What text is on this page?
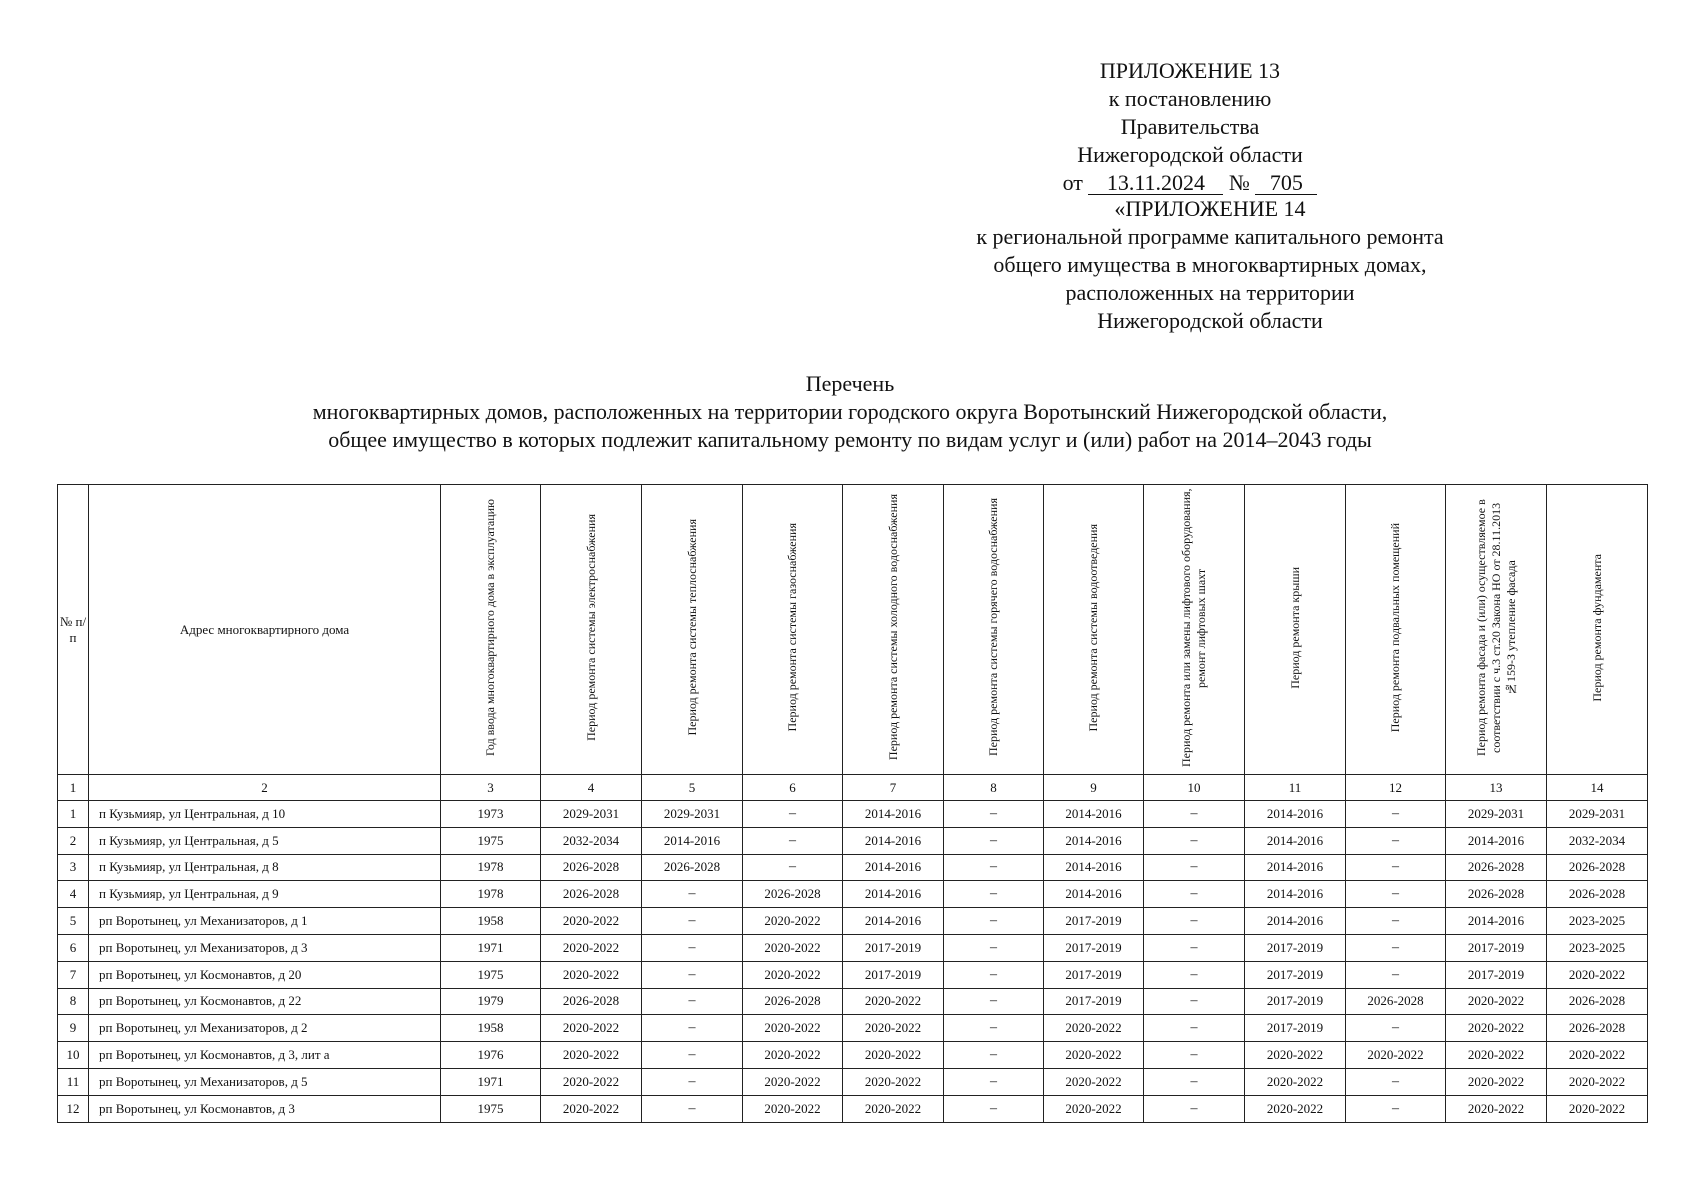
ПРИЛОЖЕНИЕ 13
к постановлению Правительства
Нижегородской области
от 13.11.2024 № 705
«ПРИЛОЖЕНИЕ 14
к региональной программе капитального ремонта
общего имущества в многоквартирных домах,
расположенных на территории
Нижегородской области
Перечень
многоквартирных домов, расположенных на территории городского округа Воротынский Нижегородской области,
общее имущество в которых подлежит капитальному ремонту по видам услуг и (или) работ на 2014–2043 годы
№ п/п	Адрес многоквартирного дома	Год ввода многоквартирного дома в эксплуатацию	Период ремонта системы электроснабжения	Период ремонта системы теплоснабжения	Период ремонта системы газоснабжения	Период ремонта системы холодного водоснабжения	Период ремонта системы горячего водоснабжения	Период ремонта системы водоотведения	Период ремонта или замены лифтового оборудования, ремонт лифтовых шахт	Период ремонта крыши	Период ремонта подвальных помещений	Период ремонта фасада и (или) осуществляемое в соответствии с ч.3 ст.20 Закона НО от 28.11.2013 №159-З утепление фасада	Период ремонта фундамента
1	2	3	4	5	6	7	8	9	10	11	12	13	14
1	п Кузьмияр, ул Центральная, д 10	1973	2029-2031	2029-2031	–	2014-2016	–	2014-2016	–	2014-2016	–	2029-2031	2029-2031
2	п Кузьмияр, ул Центральная, д 5	1975	2032-2034	2014-2016	–	2014-2016	–	2014-2016	–	2014-2016	–	2014-2016	2032-2034
3	п Кузьмияр, ул Центральная, д 8	1978	2026-2028	2026-2028	–	2014-2016	–	2014-2016	–	2014-2016	–	2026-2028	2026-2028
4	п Кузьмияр, ул Центральная, д 9	1978	2026-2028	–	2026-2028	2014-2016	–	2014-2016	–	2014-2016	–	2026-2028	2026-2028
5	рп Воротынец, ул Механизаторов, д 1	1958	2020-2022	–	2020-2022	2014-2016	–	2017-2019	–	2014-2016	–	2014-2016	2023-2025
6	рп Воротынец, ул Механизаторов, д 3	1971	2020-2022	–	2020-2022	2017-2019	–	2017-2019	–	2017-2019	–	2017-2019	2023-2025
7	рп Воротынец, ул Космонавтов, д 20	1975	2020-2022	–	2020-2022	2017-2019	–	2017-2019	–	2017-2019	–	2017-2019	2020-2022
8	рп Воротынец, ул Космонавтов, д 22	1979	2026-2028	–	2026-2028	2020-2022	–	2017-2019	–	2017-2019	2026-2028	2020-2022	2026-2028
9	рп Воротынец, ул Механизаторов, д 2	1958	2020-2022	–	2020-2022	2020-2022	–	2020-2022	–	2017-2019	–	2020-2022	2026-2028
10	рп Воротынец, ул Космонавтов, д 3, лит а	1976	2020-2022	–	2020-2022	2020-2022	–	2020-2022	–	2020-2022	2020-2022	2020-2022	2020-2022
11	рп Воротынец, ул Механизаторов, д 5	1971	2020-2022	–	2020-2022	2020-2022	–	2020-2022	–	2020-2022	–	2020-2022	2020-2022
12	рп Воротынец, ул Космонавтов, д 3	1975	2020-2022	–	2020-2022	2020-2022	–	2020-2022	–	2020-2022	–	2020-2022	2020-2022
